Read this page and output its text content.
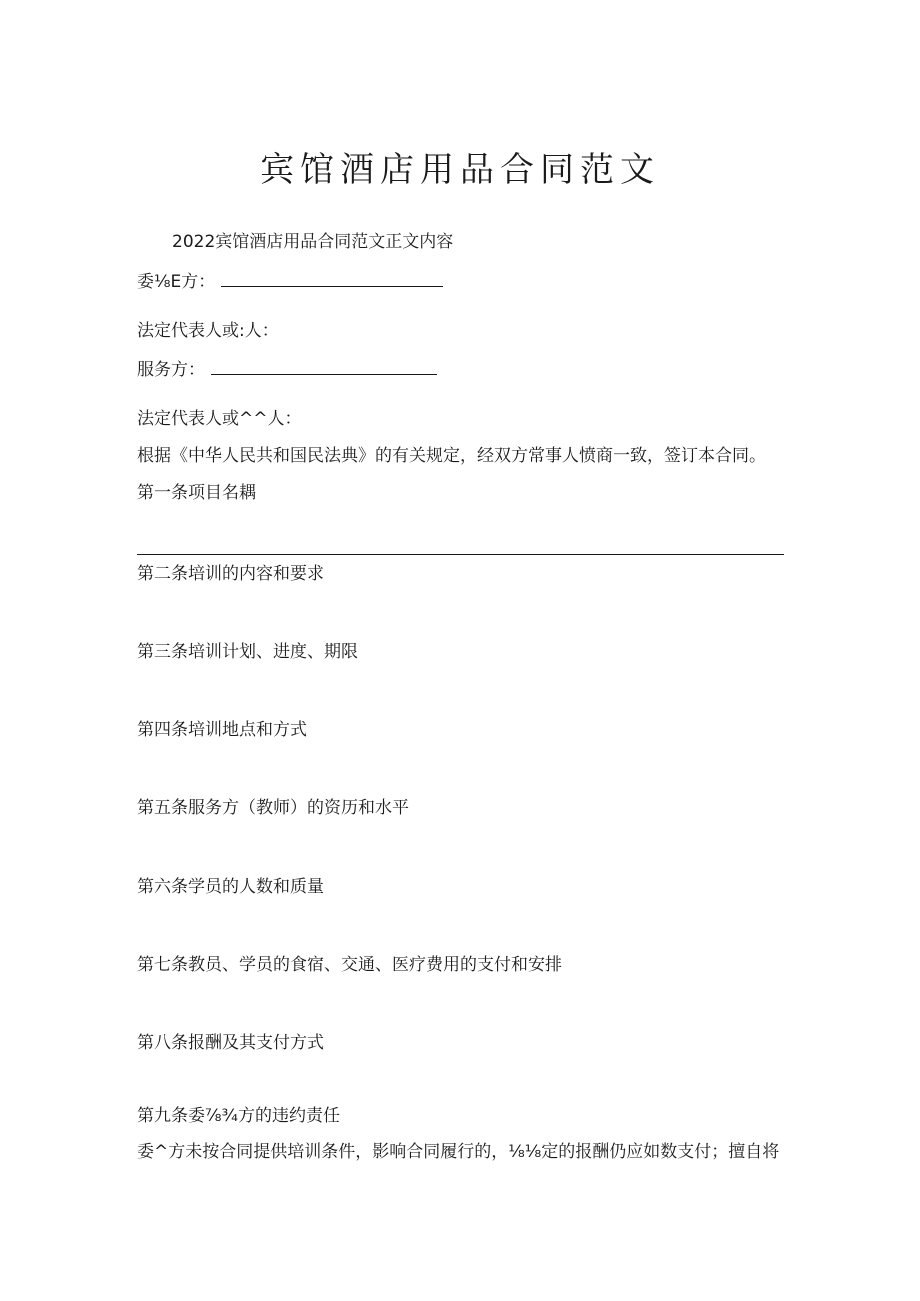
宾馆酒店用品合同范文
2022宾馆酒店用品合同范文正文内容
委⅛E方：
法定代表人或:人：
服务方：
法定代表人或^^人：
根据《中华人民共和国民法典》的有关规定，经双方常事人愤商一致，签订本合同。
第一条项目名耦
第二条培训的内容和要求
第三条培训计划、进度、期限
第四条培训地点和方式
第五条服务方（教师）的资历和水平
第六条学员的人数和质量
第七条教员、学员的食宿、交通、医疗费用的支付和安排
第八条报酬及其支付方式
第九条委⅞¾方的违约责任
委^方未按合同提供培训条件，影响合同履行的，⅛⅛定的报酬仍应如数支付；擅自将
